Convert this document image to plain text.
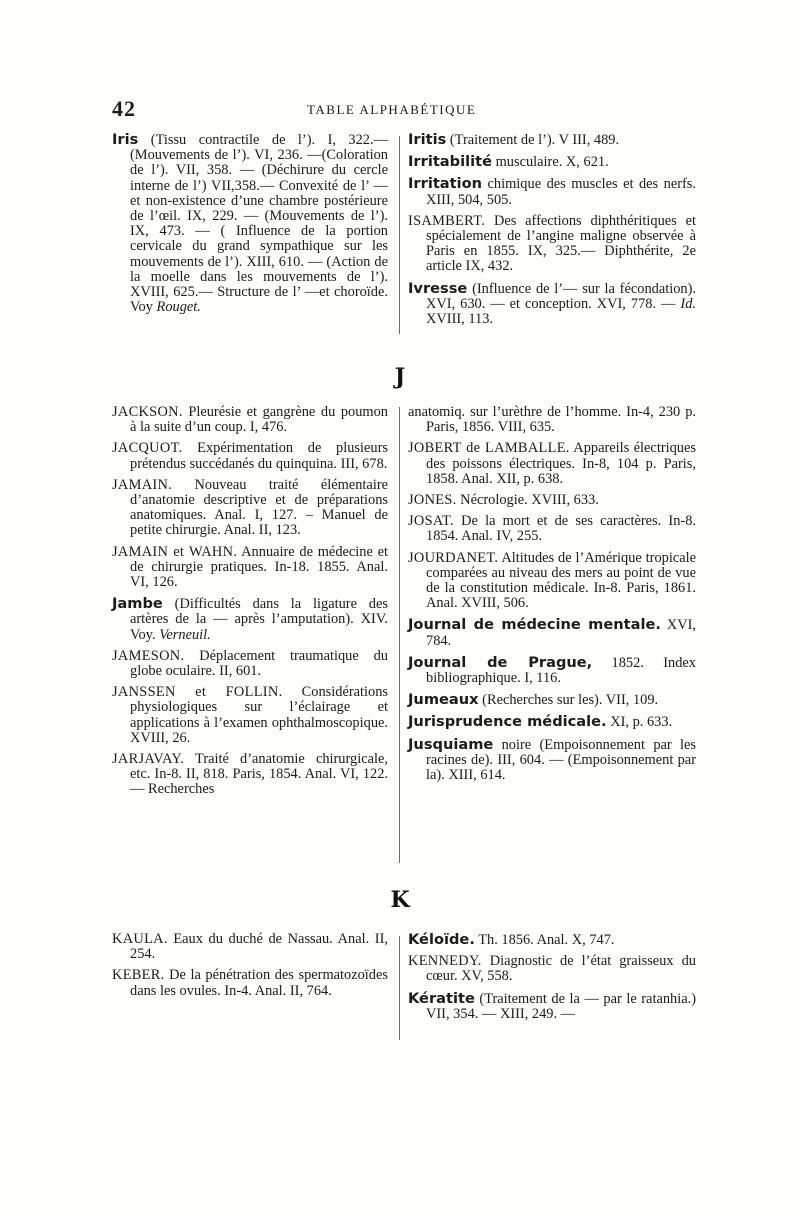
42	TABLE ALPHABÉTIQUE

Iris (Tissu contractile de l’). I, 322.— (Mouvements de l’). VI, 236. —(Coloration de l’). VII, 358. — (Déchirure du cercle interne de l’) VII,358.— Convexité de l’ — et non-existence d’une chambre postérieure de l’œil. IX, 229. — (Mouvements de l’). IX, 473. — ( Influence de la portion cervicale du grand sympathique sur les mouvements de l’). XIII, 610. — (Action de la moelle dans les mouvements de l’). XVIII, 625.— Structure de l’ —et choroïde. Voy Rouget.

Iritis (Traitement de l’). V III, 489.

Irritabilité musculaire. X, 621.

Irritation chimique des muscles et des nerfs. XIII, 504, 505.

ISAMBERT. Des affections diphthéritiques et spécialement de l’angine maligne observée à Paris en 1855. IX, 325.— Diphthérite, 2e article IX, 432.

Ivresse (Influence de l’— sur la fécondation). XVI, 630. — et conception. XVI, 778. — Id. XVIII, 113.

J

JACKSON. Pleurésie et gangrène du poumon à la suite d’un coup. I, 476.

JACQUOT. Expérimentation de plusieurs prétendus succédanés du quinquina. III, 678.

JAMAIN. Nouveau traité élémentaire d’anatomie descriptive et de préparations anatomiques. Anal. I, 127. – Manuel de petite chirurgie. Anal. II, 123.

JAMAIN et WAHN. Annuaire de médecine et de chirurgie pratiques. In-18. 1855. Anal. VI, 126.

Jambe (Difficultés dans la ligature des artères de la — après l’amputation). XIV. Voy. Verneuil.

JAMESON. Déplacement traumatique du globe oculaire. II, 601.

JANSSEN et FOLLIN. Considérations physiologiques sur l’éclairage et applications à l’examen ophthalmoscopique. XVIII, 26.

JARJAVAY. Traité d’anatomie chirurgicale, etc. In-8. II, 818. Paris, 1854. Anal. VI, 122. — Recherches

anatomiq. sur l’urèthre de l’homme. In-4, 230 p. Paris, 1856. VIII, 635.

JOBERT de LAMBALLE. Appareils électriques des poissons électriques. In-8, 104 p. Paris, 1858. Anal. XII, p. 638.

JONES. Nécrologie. XVIII, 633.

JOSAT. De la mort et de ses caractères. In-8. 1854. Anal. IV, 255.

JOURDANET. Altitudes de l’Amérique tropicale comparées au niveau des mers au point de vue de la constitution médicale. In-8. Paris, 1861. Anal. XVIII, 506.

Journal de médecine mentale. XVI, 784.

Journal de Prague, 1852. Index bibliographique. I, 116.

Jumeaux (Recherches sur les). VII, 109.

Jurisprudence médicale. XI, p. 633.

Jusquiame noire (Empoisonnement par les racines de). III, 604. — (Empoisonnement par la). XIII, 614.

K

KAULA. Eaux du duché de Nassau. Anal. II, 254.

KEBER. De la pénétration des spermatozoïdes dans les ovules. In-4. Anal. II, 764.

Kéloïde. Th. 1856. Anal. X, 747.

KENNEDY. Diagnostic de l’état graisseux du cœur. XV, 558.

Kératite (Traitement de la — par le ratanhia.) VII, 354. — XIII, 249. —
